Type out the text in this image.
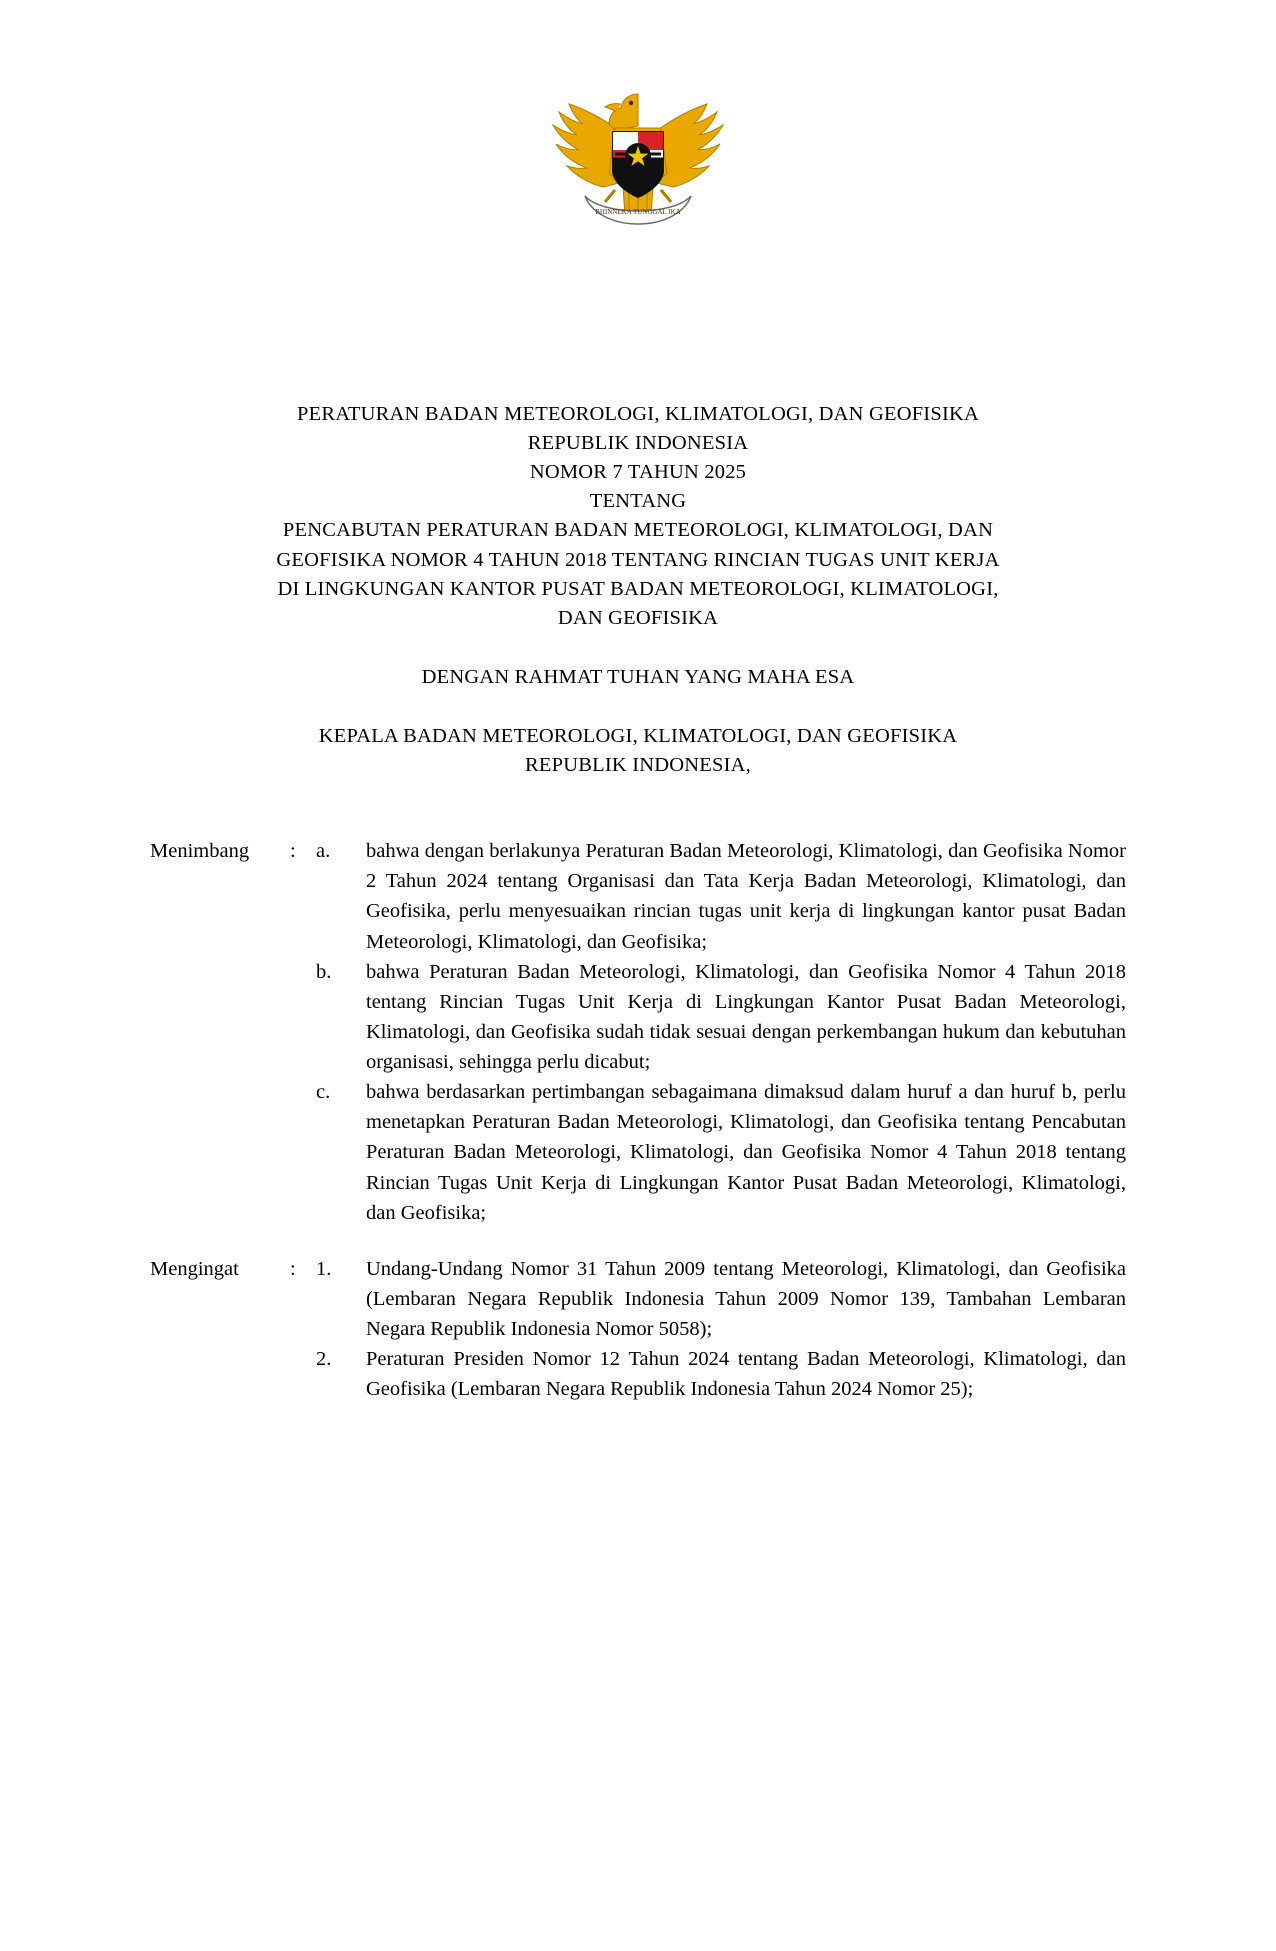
BHINNEKA TUNGGAL IKA
PERATURAN BADAN METEOROLOGI, KLIMATOLOGI, DAN GEOFISIKA
REPUBLIK INDONESIA
NOMOR 7 TAHUN 2025
TENTANG
PENCABUTAN PERATURAN BADAN METEOROLOGI, KLIMATOLOGI, DAN
GEOFISIKA NOMOR 4 TAHUN 2018 TENTANG RINCIAN TUGAS UNIT KERJA
DI LINGKUNGAN KANTOR PUSAT BADAN METEOROLOGI, KLIMATOLOGI,
DAN GEOFISIKA
DENGAN RAHMAT TUHAN YANG MAHA ESA
KEPALA BADAN METEOROLOGI, KLIMATOLOGI, DAN GEOFISIKA
REPUBLIK INDONESIA,
Menimbang	: a.	bahwa dengan berlakunya Peraturan Badan Meteorologi, Klimatologi, dan Geofisika Nomor 2 Tahun 2024 tentang Organisasi dan Tata Kerja Badan Meteorologi, Klimatologi, dan Geofisika, perlu menyesuaikan rincian tugas unit kerja di lingkungan kantor pusat Badan Meteorologi, Klimatologi, dan Geofisika;
b.	bahwa Peraturan Badan Meteorologi, Klimatologi, dan Geofisika Nomor 4 Tahun 2018 tentang Rincian Tugas Unit Kerja di Lingkungan Kantor Pusat Badan Meteorologi, Klimatologi, dan Geofisika sudah tidak sesuai dengan perkembangan hukum dan kebutuhan organisasi, sehingga perlu dicabut;
c.	bahwa berdasarkan pertimbangan sebagaimana dimaksud dalam huruf a dan huruf b, perlu menetapkan Peraturan Badan Meteorologi, Klimatologi, dan Geofisika tentang Pencabutan Peraturan Badan Meteorologi, Klimatologi, dan Geofisika Nomor 4 Tahun 2018 tentang Rincian Tugas Unit Kerja di Lingkungan Kantor Pusat Badan Meteorologi, Klimatologi, dan Geofisika;
Mengingat	: 1.	Undang-Undang Nomor 31 Tahun 2009 tentang Meteorologi, Klimatologi, dan Geofisika (Lembaran Negara Republik Indonesia Tahun 2009 Nomor 139, Tambahan Lembaran Negara Republik Indonesia Nomor 5058);
2.	Peraturan Presiden Nomor 12 Tahun 2024 tentang Badan Meteorologi, Klimatologi, dan Geofisika (Lembaran Negara Republik Indonesia Tahun 2024 Nomor 25);
